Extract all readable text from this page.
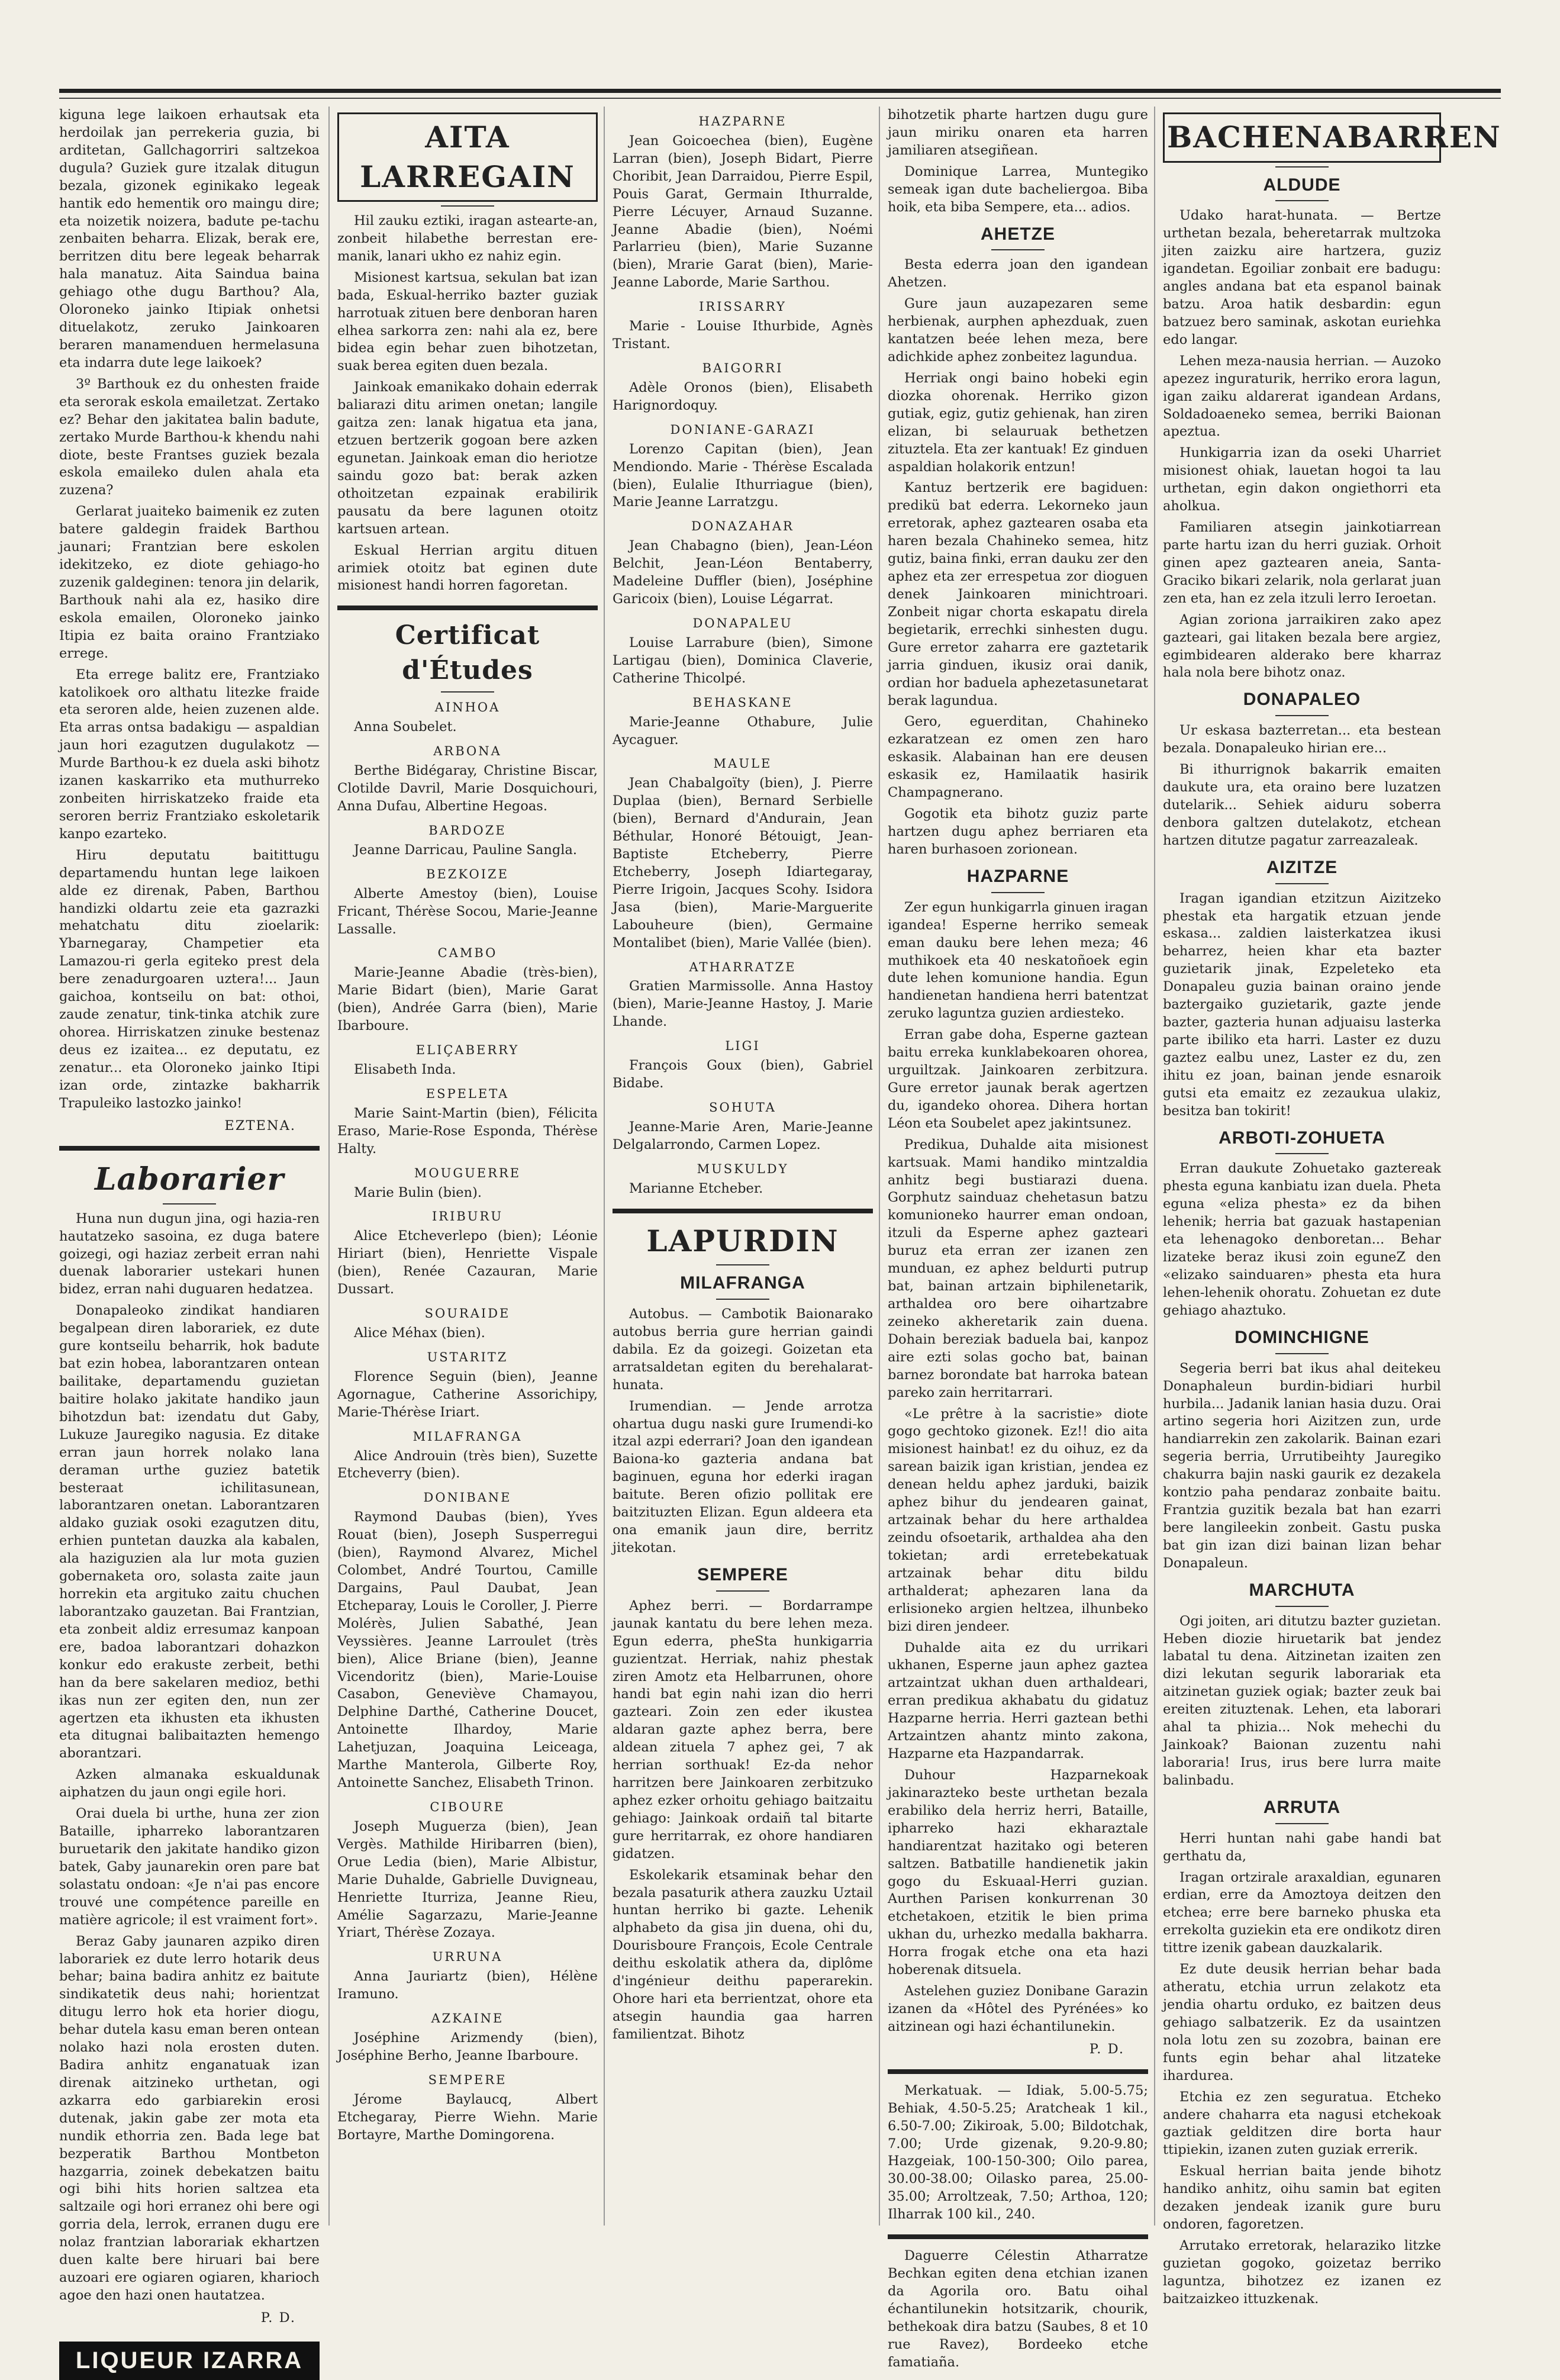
kiguna lege laikoen erhautsak eta herdoilak jan perrekeria guzia, bi arditetan, Gallchagorriri saltzekoa dugula? Guziek gure itzalak ditugun bezala, gizonek eginikako legeak hantik edo hementik oro maingu dire; eta noizetik noizera, badute pe-tachu zenbaiten beharra. Elizak, berak ere, berritzen ditu bere legeak beharrak hala manatuz. Aita Saindua baina gehiago othe dugu Barthou? Ala, Oloroneko jainko Itipiak onhetsi dituelakotz, zeruko Jainkoaren beraren manamenduen hermelasuna eta indarra dute lege laikoek?

3º Barthouk ez du onhesten fraide eta serorak eskola emailetzat. Zertako ez? Behar den jakitatea balin badute, zertako Murde Barthou-k khendu nahi diote, beste Frantses guziek bezala eskola emaileko dulen ahala eta zuzena?

Gerlarat juaiteko baimenik ez zuten batere galdegin fraidek Barthou jaunari; Frantzian bere eskolen idekitzeko, ez diote gehiago-ho zuzenik galdeginen: tenora jin delarik, Barthouk nahi ala ez, hasiko dire eskola emailen, Oloroneko jainko Itipia ez baita oraino Frantziako errege.

Eta errege balitz ere, Frantziako katolikoek oro althatu litezke fraide eta seroren alde, heien zuzenen alde. Eta arras ontsa badakigu — aspaldian jaun hori ezagutzen dugulakotz — Murde Barthou-k ez duela aski bihotz izanen kaskarriko eta muthurreko zonbeiten hirriskatzeko fraide eta seroren berriz Frantziako eskoletarik kanpo ezarteko.

Hiru deputatu baitittugu departamendu huntan lege laikoen alde ez direnak, Paben, Barthou handizki oldartu zeie eta gazrazki mehatchatu ditu zioelarik: Ybarnegaray, Champetier eta Lamazou-ri gerla egiteko prest dela bere zenadurgoaren uztera!... Jaun gaichoa, kontseilu on bat: othoi, zaude zenatur, tink-tinka atchik zure ohorea. Hirriskatzen zinuke bestenaz deus ez izaitea... ez deputatu, ez zenatur... eta Oloroneko jainko Itipi izan orde, zintazke bakharrik Trapuleiko lastozko jainko!

EZTENA.
Laborarier

Huna nun dugun jina, ogi hazia-ren hautatzeko sasoina, ez duga batere goizegi, ogi haziaz zerbeit erran nahi duenak laborarier ustekari hunen bidez, erran nahi duguaren hedatzea.

Donapaleoko zindikat handiaren begalpean diren laborariek, ez dute gure kontseilu beharrik, hok badute bat ezin hobea, laborantzaren ontean bailitake, departamendu guzietan baitire holako jakitate handiko jaun bihotzdun bat: izendatu dut Gaby, Lukuze Jauregiko nagusia. Ez ditake erran jaun horrek nolako lana deraman urthe guziez batetik besteraat ichilitasunean, laborantzaren onetan. Laborantzaren aldako guziak osoki ezagutzen ditu, erhien puntetan dauzka ala kabalen, ala haziguzien ala lur mota guzien gobernaketa oro, solasta zaite jaun horrekin eta argituko zaitu chuchen laborantzako gauzetan. Bai Frantzian, eta zonbeit aldiz erresumaz kanpoan ere, badoa laborantzari dohazkon konkur edo erakuste zerbeit, bethi han da bere sakelaren medioz, bethi ikas nun zer egiten den, nun zer agertzen eta ikhusten eta ikhusten eta ditugnai balibaitazten hemengo aborantzari.

Azken almanaka eskualdunak aiphatzen du jaun ongi egile hori.

Orai duela bi urthe, huna zer zion Bataille, ipharreko laborantzaren buruetarik den jakitate handiko gizon batek, Gaby jaunarekin oren pare bat solastatu ondoan: «Je n'ai pas encore trouvé une compétence pareille en matière agricole; il est vraiment fort».

Beraz Gaby jaunaren azpiko diren laborariek ez dute lerro hotarik deus behar; baina badira anhitz ez baitute sindikatetik deus nahi; horientzat ditugu lerro hok eta horier diogu, behar dutela kasu eman beren ontean nolako hazi nola erosten duten. Badira anhitz enganatuak izan direnak aitzineko urthetan, ogi azkarra edo garbiarekin erosi dutenak, jakin gabe zer mota eta nundik ethorria zen. Bada lege bat bezperatik Barthou Montbeton hazgarria, zoinek debekatzen baitu ogi bihi hits horien saltzea eta saltzaile ogi hori erranez ohi bere ogi gorria dela, lerrok, erranen dugu ere nolaz frantzian laborariak ekhartzen duen kalte bere hiruari bai bere auzoari ere ogiaren ogiaren, kharioch agoe den hazi onen hautatzea.

P. D.
LIQUEUR IZARRA
AITA LARREGAIN

Hil zauku eztiki, iragan astearte-an, zonbeit hilabethe berrestan ere-manik, lanari ukho ez nahiz egin.

Misionest kartsua, sekulan bat izan bada, Eskual-herriko bazter guziak harrotuak zituen bere denboran haren elhea sarkorra zen: nahi ala ez, bere bidea egin behar zuen bihotzetan, suak berea egiten duen bezala.

Jainkoak emanikako dohain ederrak baliarazi ditu arimen onetan; langile gaitza zen: lanak higatua eta jana, etzuen bertzerik gogoan bere azken egunetan. Jainkoak eman dio heriotze saindu gozo bat: berak azken othoitzetan ezpainak erabilirik pausatu da bere lagunen otoitz kartsuen artean.

Eskual Herrian argitu dituen arimiek otoitz bat eginen dute misionest handi horren fagoretan.

Certificat d'Études
AINHOA

Anna Soubelet.

ARBONA

Berthe Bidégaray, Christine Biscar, Clotilde Davril, Marie Dosquichouri, Anna Dufau, Albertine Hegoas.

BARDOZE

Jeanne Darricau, Pauline Sangla.

BEZKOIZE

Alberte Amestoy (bien), Louise Fricant, Thérèse Socou, Marie-Jeanne Lassalle.

CAMBO

Marie-Jeanne Abadie (très-bien), Marie Bidart (bien), Marie Garat (bien), Andrée Garra (bien), Marie Ibarboure.

ELIÇABERRY

Elisabeth Inda.

ESPELETA

Marie Saint-Martin (bien), Félicita Eraso, Marie-Rose Esponda, Thérèse Halty.

MOUGUERRE

Marie Bulin (bien).

IRIBURU

Alice Etcheverlepo (bien); Léonie Hiriart (bien), Henriette Vispale (bien), Renée Cazauran, Marie Dussart.

SOURAIDE

Alice Méhax (bien).

USTARITZ

Florence Seguin (bien), Jeanne Agornague, Catherine Assorichipy, Marie-Thérèse Iriart.

MILAFRANGA

Alice Androuin (très bien), Suzette Etcheverry (bien).

DONIBANE

Raymond Daubas (bien), Yves Rouat (bien), Joseph Susperregui (bien), Raymond Alvarez, Michel Colombet, André Tourtou, Camille Dargains, Paul Daubat, Jean Etcheparay, Louis le Coroller, J. Pierre Molérès, Julien Sabathé, Jean Veyssières. Jeanne Larroulet (très bien), Alice Briane (bien), Jeanne Vicendoritz (bien), Marie-Louise Casabon, Geneviève Chamayou, Delphine Darthé, Catherine Doucet, Antoinette Ilhardoy, Marie Lahetjuzan, Joaquina Leiceaga, Marthe Manterola, Gilberte Roy, Antoinette Sanchez, Elisabeth Trinon.

CIBOURE

Joseph Muguerza (bien), Jean Vergès. Mathilde Hiribarren (bien), Orue Ledia (bien), Marie Albistur, Marie Duhalde, Gabrielle Duvigneau, Henriette Iturriza, Jeanne Rieu, Amélie Sagarzazu, Marie-Jeanne Yriart, Thérèse Zozaya.

URRUNA

Anna Jauriartz (bien), Hélène Iramuno.

AZKAINE

Joséphine Arizmendy (bien), Joséphine Berho, Jeanne Ibarboure.

SEMPERE

Jérome Baylaucq, Albert Etchegaray, Pierre Wiehn. Marie Bortayre, Marthe Domingorena.

HAZPARNE

Jean Goicoechea (bien), Eugène Larran (bien), Joseph Bidart, Pierre Choribit, Jean Darraidou, Pierre Espil, Pouis Garat, Germain Ithurralde, Pierre Lécuyer, Arnaud Suzanne. Jeanne Abadie (bien), Noémi Parlarrieu (bien), Marie Suzanne (bien), Mrarie Garat (bien), Marie-Jeanne Laborde, Marie Sarthou.

IRISSARRY

Marie - Louise Ithurbide, Agnès Tristant.

BAIGORRI

Adèle Oronos (bien), Elisabeth Harignordoquy.

DONIANE-GARAZI

Lorenzo Capitan (bien), Jean Mendiondo. Marie - Thérèse Escalada (bien), Eulalie Ithurriague (bien), Marie Jeanne Larratzgu.

DONAZAHAR

Jean Chabagno (bien), Jean-Léon Belchit, Jean-Léon Bentaberry, Madeleine Duffler (bien), Joséphine Garicoix (bien), Louise Légarrat.

DONAPALEU

Louise Larrabure (bien), Simone Lartigau (bien), Dominica Claverie, Catherine Thicolpé.

BEHASKANE

Marie-Jeanne Othabure, Julie Aycaguer.

MAULE

Jean Chabalgoïty (bien), J. Pierre Duplaa (bien), Bernard Serbielle (bien), Bernard d'Andurain, Jean Béthular, Honoré Bétouigt, Jean-Baptiste Etcheberry, Pierre Etcheberry, Joseph Idiartegaray, Pierre Irigoin, Jacques Scohy. Isidora Jasa (bien), Marie-Marguerite Labouheure (bien), Germaine Montalibet (bien), Marie Vallée (bien).

ATHARRATZE

Gratien Marmissolle. Anna Hastoy (bien), Marie-Jeanne Hastoy, J. Marie Lhande.

LIGI

François Goux (bien), Gabriel Bidabe.

SOHUTA

Jeanne-Marie Aren, Marie-Jeanne Delgalarrondo, Carmen Lopez.

MUSKULDY

Marianne Etcheber.

LAPURDIN
MILAFRANGA

Autobus. — Cambotik Baionarako autobus berria gure herrian gaindi dabila. Ez da goizegi. Goizetan eta arratsaldetan egiten du berehalarat-hunata.

Irumendian. — Jende arrotza ohartua dugu naski gure Irumendi-ko itzal azpi ederrari? Joan den igandean Baiona-ko gazteria andana bat baginuen, eguna hor ederki iragan baitute. Beren ofizio pollitak ere baitzituzten Elizan. Egun aldeera eta ona emanik jaun dire, berritz jitekotan.

SEMPERE

Aphez berri. — Bordarrampe jaunak kantatu du bere lehen meza. Egun ederra, pheSta hunkigarria guzientzat. Herriak, nahiz phestak ziren Amotz eta Helbarrunen, ohore handi bat egin nahi izan dio herri gazteari. Zoin zen eder ikustea aldaran gazte aphez berra, bere aldean zituela 7 aphez gei, 7 ak herrian sorthuak! Ez-da nehor harritzen bere Jainkoaren zerbitzuko aphez ezker orhoitu gehiago baitzaitu gehiago: Jainkoak ordaiñ tal bitarte gure herritarrak, ez ohore handiaren gidatzen.

Eskolekarik etsaminak behar den bezala pasaturik athera zauzku Uztail huntan herriko bi gazte. Lehenik alphabeto da gisa jin duena, ohi du, Dourisboure François, Ecole Centrale deithu eskolatik athera da, diplôme d'ingénieur deithu paperarekin. Ohore hari eta berrientzat, ohore eta atsegin haundia gaa harren familientzat. Bihotz

bihotzetik pharte hartzen dugu gure jaun miriku onaren eta harren jamiliaren atsegiñean.

Dominique Larrea, Muntegiko semeak igan dute bacheliergoa. Biba hoik, eta biba Sempere, eta... adios.

AHETZE

Besta ederra joan den igandean Ahetzen.

Gure jaun auzapezaren seme herbienak, aurphen aphezduak, zuen kantatzen beée lehen meza, bere adichkide aphez zonbeitez lagundua.

Herriak ongi baino hobeki egin diozka ohorenak. Herriko gizon gutiak, egiz, gutiz gehienak, han ziren elizan, bi selauruak bethetzen zituztela. Eta zer kantuak! Ez ginduen aspaldian holakorik entzun!

Kantuz bertzerik ere bagiduen: predikü bat ederra. Lekorneko jaun erretorak, aphez gaztearen osaba eta haren bezala Chahineko semea, hitz gutiz, baina finki, erran dauku zer den aphez eta zer errespetua zor dioguen denek Jainkoaren minichtroari. Zonbeit nigar chorta eskapatu direla begietarik, errechki sinhesten dugu. Gure erretor zaharra ere gaztetarik jarria ginduen, ikusiz orai danik, ordian hor baduela aphezetasunetarat berak lagundua.

Gero, eguerditan, Chahineko ezkaratzean ez omen zen haro eskasik. Alabainan han ere deusen eskasik ez, Hamilaatik hasirik Champagnerano.

Gogotik eta bihotz guziz parte hartzen dugu aphez berriaren eta haren burhasoen zorionean.

HAZPARNE

Zer egun hunkigarrla ginuen iragan igandea! Esperne herriko semeak eman dauku bere lehen meza; 46 muthikoek eta 40 neskatoñoek egin dute lehen komunione handia. Egun handienetan handiena herri batentzat zeruko laguntza guzien ardiesteko.

Erran gabe doha, Esperne gaztean baitu erreka kunklabekoaren ohorea, urguiltzak. Jainkoaren zerbitzura. Gure erretor jaunak berak agertzen du, igandeko ohorea. Dihera hortan Léon eta Soubelet apez jakintsunez.

Predikua, Duhalde aita misionest kartsuak. Mami handiko mintzaldia anhitz begi bustiarazi duena. Gorphutz sainduaz chehetasun batzu komunioneko haurrer eman ondoan, itzuli da Esperne aphez gazteari buruz eta erran zer izanen zen munduan, ez aphez beldurti putrup bat, bainan artzain biphilenetarik, arthaldea oro bere oihartzabre zeineko akheretarik zain duena. Dohain bereziak baduela bai, kanpoz aire ezti solas gocho bat, bainan barnez borondate bat harroka batean pareko zain herritarrari.

«Le prêtre à la sacristie» diote gogo gechtoko gizonek. Ez!! dio aita misionest hainbat! ez du oihuz, ez da sarean baizik igan kristian, jendea ez denean heldu aphez jarduki, baizik aphez bihur du jendearen gainat, artzainak behar du here arthaldea zeindu ofsoetarik, arthaldea aha den tokietan; ardi erretebekatuak artzainak behar ditu bildu arthalderat; aphezaren lana da erlisioneko argien heltzea, ilhunbeko bizi diren jendeer.

Duhalde aita ez du urrikari ukhanen, Esperne jaun aphez gaztea artzaintzat ukhan duen arthaldeari, erran predikua akhabatu du gidatuz Hazparne herria. Herri gaztean bethi Artzaintzen ahantz minto zakona, Hazparne eta Hazpandarrak.

Duhour Hazparnekoak jakinarazteko beste urthetan bezala erabiliko dela herriz herri, Bataille, ipharreko hazi ekharaztale handiarentzat hazitako ogi beteren saltzen. Batbatille handienetik jakin gogo du Eskuaal-Herri guzian. Aurthen Parisen konkurrenan 30 etchetakoen, etzitik le bien prima ukhan du, urhezko medalla bakharra. Horra frogak etche ona eta hazi hoberenak ditsuela.

Astelehen guziez Donibane Garazin izanen da «Hôtel des Pyrénées» ko aitzinean ogi hazi échantilunekin.

P. D.

Merkatuak. — Idiak, 5.00-5.75; Behiak, 4.50-5.25; Aratcheak 1 kil., 6.50-7.00; Zikiroak, 5.00; Bildotchak, 7.00; Urde gizenak, 9.20-9.80; Hazgeiak, 100-150-300; Oilo parea, 30.00-38.00; Oilasko parea, 25.00-35.00; Arroltzeak, 7.50; Arthoa, 120; Ilharrak 100 kil., 240.

Daguerre Célestin Atharratze Bechkan egiten dena etchian izanen da Agorila oro. Batu oihal échantilunekin hotsitzarik, chourik, bethekoak dira batzu (Saubes, 8 et 10 rue Ravez), Bordeeko etche famatiaña.

BACHENABARREN
ALDUDE

Udako harat-hunata. — Bertze urthetan bezala, beheretarrak multzoka jiten zaizku aire hartzera, guziz igandetan. Egoiliar zonbait ere badugu: angles andana bat eta espanol bainak batzu. Aroa hatik desbardin: egun batzuez bero saminak, askotan euriehka edo langar.

Lehen meza-nausia herrian. — Auzoko apezez inguraturik, herriko erora lagun, igan zaiku aldarerat igandean Ardans, Soldadoaeneko semea, berriki Baionan apeztua.

Hunkigarria izan da oseki Uharriet misionest ohiak, lauetan hogoi ta lau urthetan, egin dakon ongiethorri eta aholkua.

Familiaren atsegin jainkotiarrean parte hartu izan du herri guziak. Orhoit ginen apez gaztearen aneia, Santa-Graciko bikari zelarik, nola gerlarat juan zen eta, han ez zela itzuli lerro Ieroetan.

Agian zoriona jarraikiren zako apez gazteari, gai litaken bezala bere argiez, egimbidearen alderako bere kharraz hala nola bere bihotz onaz.

DONAPALEO

Ur eskasa bazterretan... eta bestean bezala. Donapaleuko hirian ere...

Bi ithurrignok bakarrik emaiten daukute ura, eta oraino bere luzatzen dutelarik... Sehiek aiduru soberra denbora galtzen dutelakotz, etchean hartzen ditutze pagatur zarreazaleak.

AIZITZE

Iragan igandian etzitzun Aizitzeko phestak eta hargatik etzuan jende eskasa... zaldien laisterkatzea ikusi beharrez, heien khar eta bazter guzietarik jinak, Ezpeleteko eta Donapaleu guzia bainan oraino jende baztergaiko guzietarik, gazte jende bazter, gazteria hunan adjuaisu lasterka parte ibiliko eta harri. Laster ez duzu gaztez ealbu unez, Laster ez du, zen ihitu ez joan, bainan jende esnaroik gutsi eta emaitz ez zezaukua ulakiz, besitza ban tokirit!

ARBOTI-ZOHUETA

Erran daukute Zohuetako gaztereak phesta eguna kanbiatu izan duela. Pheta eguna «eliza phesta» ez da bihen lehenik; herria bat gazuak hastapenian eta lehenagoko denboretan... Behar lizateke beraz ikusi zoin eguneZ den «elizako sainduaren» phesta eta hura lehen-lehenik ohoratu. Zohuetan ez dute gehiago ahaztuko.

DOMINCHIGNE

Segeria berri bat ikus ahal deitekeu Donaphaleun burdin-bidiari hurbil hurbila... Jadanik lanian hasia duzu. Orai artino segeria hori Aizitzen zun, urde handiarrekin zen zakolarik. Bainan ezari segeria berria, Urrutibeihty Jauregiko chakurra bajin naski gaurik ez dezakela kontzio paha pendaraz zonbaite baitu. Frantzia guzitik bezala bat han ezarri bere langileekin zonbeit. Gastu puska bat gin izan dizi bainan lizan behar Donapaleun.

MARCHUTA

Ogi joiten, ari ditutzu bazter guzietan. Heben diozie hiruetarik bat jendez labatal tu dena. Aitzinetan izaiten zen dizi lekutan segurik laborariak eta aitzinetan guziek ogiak; bazter zeuk bai ereiten zituztenak. Lehen, eta laborari ahal ta phizia... Nok mehechi du Jainkoak? Baionan zuzentu nahi laboraria! Irus, irus bere lurra maite balinbadu.

ARRUTA

Herri huntan nahi gabe handi bat gerthatu da,

Iragan ortzirale araxaldian, egunaren erdian, erre da Amoztoya deitzen den etchea; erre bere barneko phuska eta errekolta guziekin eta ere ondikotz diren tittre izenik gabean dauzkalarik.

Ez dute deusik herrian behar bada atheratu, etchia urrun zelakotz eta jendia ohartu orduko, ez baitzen deus gehiago salbatzerik. Ez da usaintzen nola lotu zen su zozobra, bainan ere funts egin behar ahal litzateke ihardurea.

Etchia ez zen seguratua. Etcheko andere chaharra eta nagusi etchekoak gaztiak gelditzen dire borta haur ttipiekin, izanen zuten guziak errerik.

Eskual herrian baita jende bihotz handiko anhitz, oihu samin bat egiten dezaken jendeak izanik gure buru ondoren, fagoretzen.

Arrutako erretorak, helaraziko litzke guzietan gogoko, goizetaz berriko laguntza, bihotzez ez izanen ez baitzaizkeo ittuzkenak.
